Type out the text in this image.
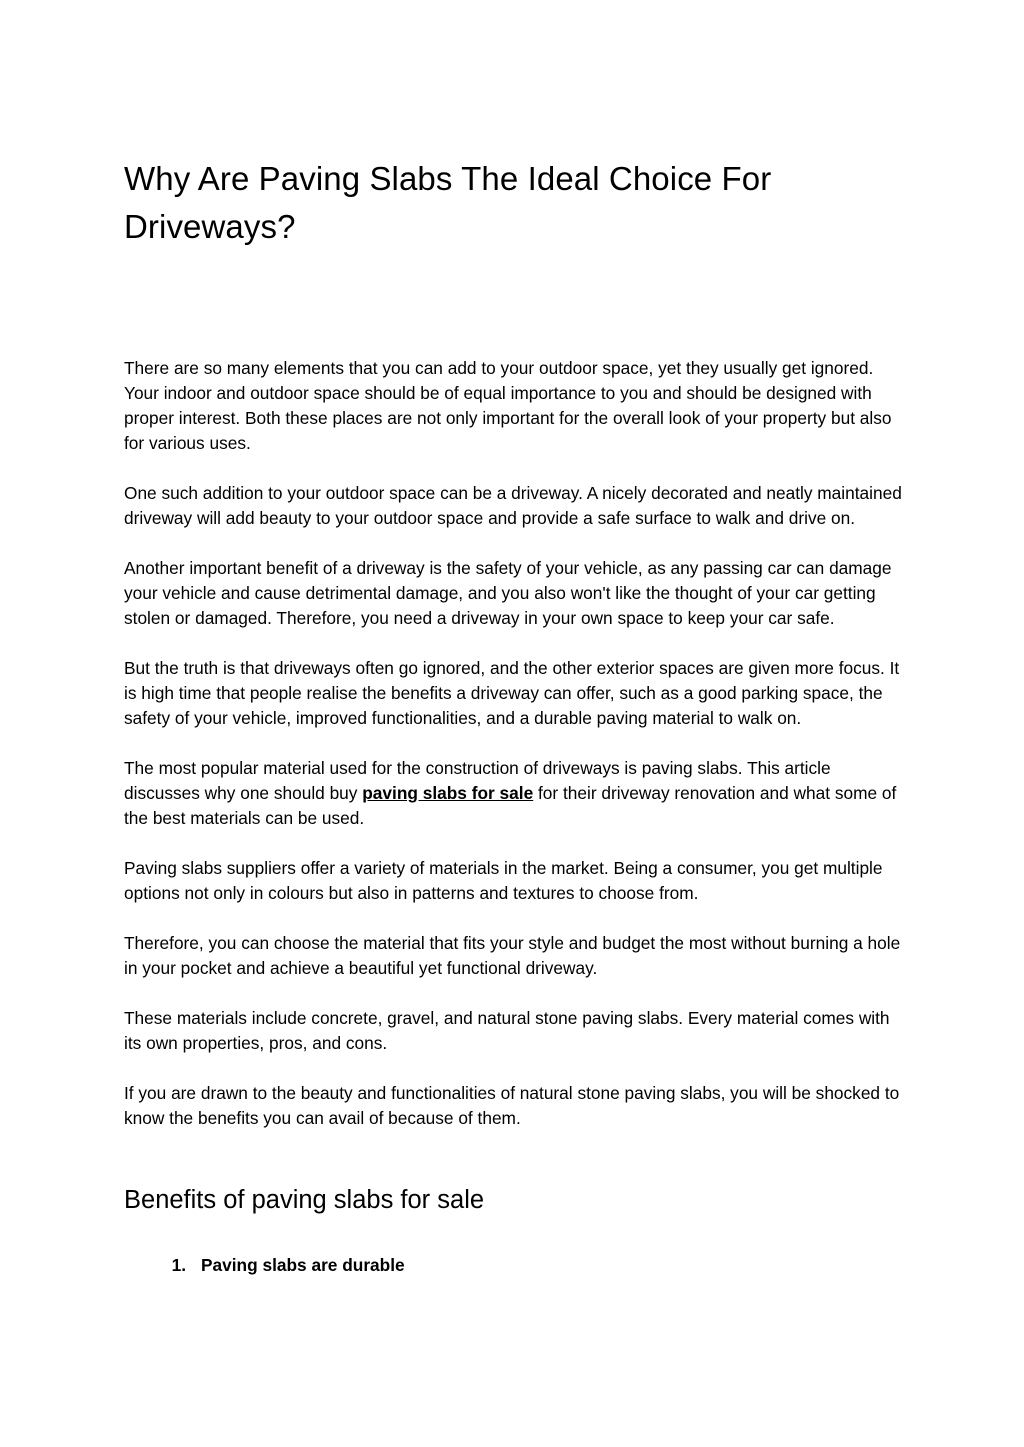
Why Are Paving Slabs The Ideal Choice For Driveways?

There are so many elements that you can add to your outdoor space, yet they usually get ignored. Your indoor and outdoor space should be of equal importance to you and should be designed with proper interest. Both these places are not only important for the overall look of your property but also for various uses.

One such addition to your outdoor space can be a driveway. A nicely decorated and neatly maintained driveway will add beauty to your outdoor space and provide a safe surface to walk and drive on.

Another important benefit of a driveway is the safety of your vehicle, as any passing car can damage your vehicle and cause detrimental damage, and you also won't like the thought of your car getting stolen or damaged. Therefore, you need a driveway in your own space to keep your car safe.

But the truth is that driveways often go ignored, and the other exterior spaces are given more focus. It is high time that people realise the benefits a driveway can offer, such as a good parking space, the safety of your vehicle, improved functionalities, and a durable paving material to walk on.

The most popular material used for the construction of driveways is paving slabs. This article discusses why one should buy paving slabs for sale for their driveway renovation and what some of the best materials can be used.

Paving slabs suppliers offer a variety of materials in the market. Being a consumer, you get multiple options not only in colours but also in patterns and textures to choose from.

Therefore, you can choose the material that fits your style and budget the most without burning a hole in your pocket and achieve a beautiful yet functional driveway.

These materials include concrete, gravel, and natural stone paving slabs. Every material comes with its own properties, pros, and cons.

If you are drawn to the beauty and functionalities of natural stone paving slabs, you will be shocked to know the benefits you can avail of because of them.

Benefits of paving slabs for sale
1. Paving slabs are durable
